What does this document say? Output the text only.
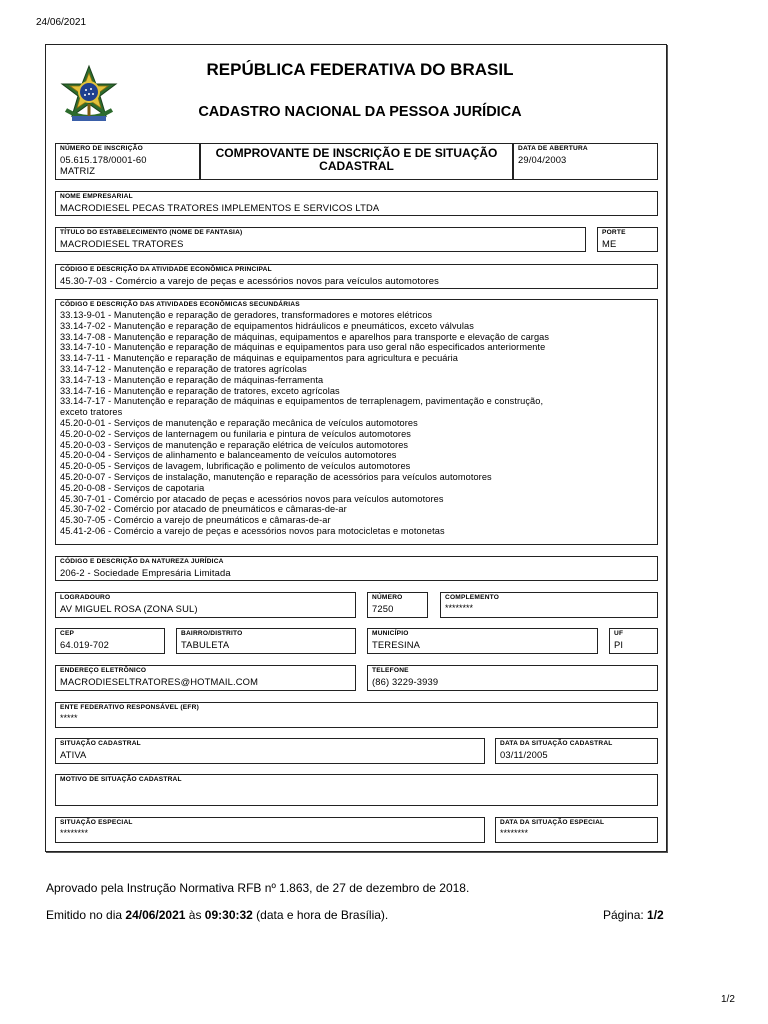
24/06/2021
REPÚBLICA FEDERATIVA DO BRASIL
CADASTRO NACIONAL DA PESSOA JURÍDICA
NÚMERO DE INSCRIÇÃO
05.615.178/0001-60
MATRIZ
COMPROVANTE DE INSCRIÇÃO E DE SITUAÇÃO
CADASTRAL
DATA DE ABERTURA
29/04/2003
NOME EMPRESARIAL
MACRODIESEL PECAS TRATORES IMPLEMENTOS E SERVICOS LTDA
TÍTULO DO ESTABELECIMENTO (NOME DE FANTASIA)
MACRODIESEL TRATORES
PORTE
ME
CÓDIGO E DESCRIÇÃO DA ATIVIDADE ECONÔMICA PRINCIPAL
45.30-7-03 - Comércio a varejo de peças e acessórios novos para veículos automotores
CÓDIGO E DESCRIÇÃO DAS ATIVIDADES ECONÔMICAS SECUNDÁRIAS
33.13-9-01 - Manutenção e reparação de geradores, transformadores e motores elétricos
33.14-7-02 - Manutenção e reparação de equipamentos hidráulicos e pneumáticos, exceto válvulas
33.14-7-08 - Manutenção e reparação de máquinas, equipamentos e aparelhos para transporte e elevação de cargas
33.14-7-10 - Manutenção e reparação de máquinas e equipamentos para uso geral não especificados anteriormente
33.14-7-11 - Manutenção e reparação de máquinas e equipamentos para agricultura e pecuária
33.14-7-12 - Manutenção e reparação de tratores agrícolas
33.14-7-13 - Manutenção e reparação de máquinas-ferramenta
33.14-7-16 - Manutenção e reparação de tratores, exceto agrícolas
33.14-7-17 - Manutenção e reparação de máquinas e equipamentos de terraplenagem, pavimentação e construção,
exceto tratores
45.20-0-01 - Serviços de manutenção e reparação mecânica de veículos automotores
45.20-0-02 - Serviços de lanternagem ou funilaria e pintura de veículos automotores
45.20-0-03 - Serviços de manutenção e reparação elétrica de veículos automotores
45.20-0-04 - Serviços de alinhamento e balanceamento de veículos automotores
45.20-0-05 - Serviços de lavagem, lubrificação e polimento de veículos automotores
45.20-0-07 - Serviços de instalação, manutenção e reparação de acessórios para veículos automotores
45.20-0-08 - Serviços de capotaria
45.30-7-01 - Comércio por atacado de peças e acessórios novos para veículos automotores
45.30-7-02 - Comércio por atacado de pneumáticos e câmaras-de-ar
45.30-7-05 - Comércio a varejo de pneumáticos e câmaras-de-ar
45.41-2-06 - Comércio a varejo de peças e acessórios novos para motocicletas e motonetas
CÓDIGO E DESCRIÇÃO DA NATUREZA JURÍDICA
206-2 - Sociedade Empresária Limitada
LOGRADOURO
AV MIGUEL ROSA (ZONA SUL)
NÚMERO
7250
COMPLEMENTO
********
CEP
64.019-702
BAIRRO/DISTRITO
TABULETA
MUNICÍPIO
TERESINA
UF
PI
ENDEREÇO ELETRÔNICO
MACRODIESELTRATORES@HOTMAIL.COM
TELEFONE
(86) 3229-3939
ENTE FEDERATIVO RESPONSÁVEL (EFR)
*****
SITUAÇÃO CADASTRAL
ATIVA
DATA DA SITUAÇÃO CADASTRAL
03/11/2005
MOTIVO DE SITUAÇÃO CADASTRAL
SITUAÇÃO ESPECIAL
********
DATA DA SITUAÇÃO ESPECIAL
********
Aprovado pela Instrução Normativa RFB nº 1.863, de 27 de dezembro de 2018.
Emitido no dia 24/06/2021 às 09:30:32 (data e hora de Brasília).	Página: 1/2
1/2
